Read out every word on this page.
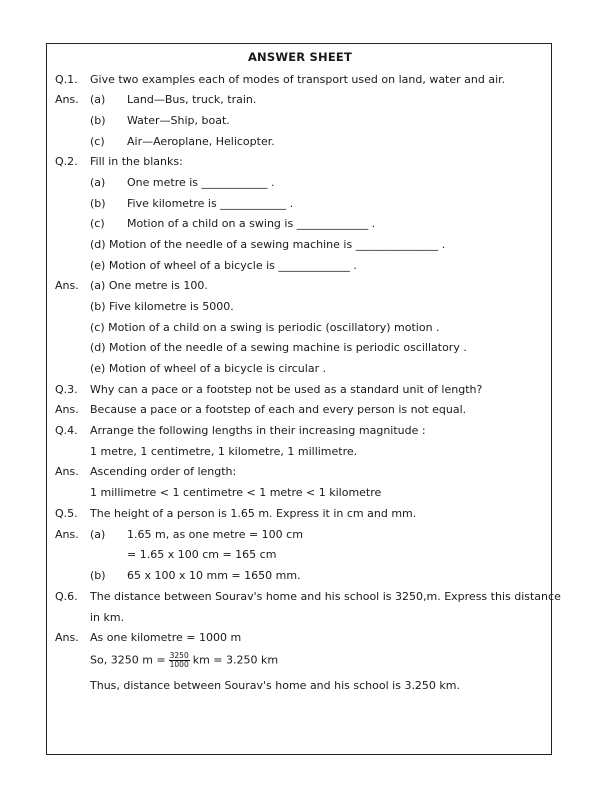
ANSWER SHEET
Q.1. Give two examples each of modes of transport used on land, water and air.
Ans. (a) Land—Bus, truck, train.
(b) Water—Ship, boat.
(c) Air—Aeroplane, Helicopter.
Q.2. Fill in the blanks:
(a) One metre is ____________ .
(b) Five kilometre is ____________ .
(c) Motion of a child on a swing is _____________ .
(d) Motion of the needle of a sewing machine is _______________ .
(e) Motion of wheel of a bicycle is _____________ .
Ans. (a) One metre is 100.
(b) Five kilometre is 5000.
(c) Motion of a child on a swing is periodic (oscillatory) motion .
(d) Motion of the needle of a sewing machine is periodic oscillatory .
(e) Motion of wheel of a bicycle is circular .
Q.3. Why can a pace or a footstep not be used as a standard unit of length?
Ans. Because a pace or a footstep of each and every person is not equal.
Q.4. Arrange the following lengths in their increasing magnitude :
1 metre, 1 centimetre, 1 kilometre, 1 millimetre.
Ans. Ascending order of length:
1 millimetre < 1 centimetre < 1 metre < 1 kilometre
Q.5. The height of a person is 1.65 m. Express it in cm and mm.
Ans. (a) 1.65 m, as one metre = 100 cm
= 1.65 x 100 cm = 165 cm
(b) 65 x 100 x 10 mm = 1650 mm.
Q.6. The distance between Sourav's home and his school is 3250,m. Express this distance
in km.
Ans. As one kilometre = 1000 m
So, 3250 $m = \frac{3250}{1000}$ km = 3.250 km
Thus, distance between Sourav's home and his school is 3.250 km.
